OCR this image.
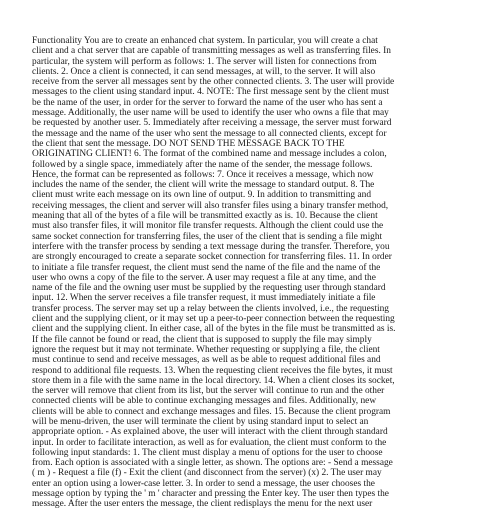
Functionality You are to create an enhanced chat system. In particular, you will create a chat
client and a chat server that are capable of transmitting messages as well as transferring files. In
particular, the system will perform as follows: 1. The server will listen for connections from
clients. 2. Once a client is connected, it can send messages, at will, to the server. It will also
receive from the server all messages sent by the other connected clients. 3. The user will provide
messages to the client using standard input. 4. NOTE: The first message sent by the client must
be the name of the user, in order for the server to forward the name of the user who has sent a
message. Additionally, the user name will be used to identify the user who owns a file that may
be requested by another user. 5. Immediately after receiving a message, the server must forward
the message and the name of the user who sent the message to all connected clients, except for
the client that sent the message. DO NOT SEND THE MESSAGE BACK TO THE
ORIGINATING CLIENT! 6. The format of the combined name and message includes a colon,
followed by a single space, immediately after the name of the sender, the message follows.
Hence, the format can be represented as follows: 7. Once it receives a message, which now
includes the name of the sender, the client will write the message to standard output. 8. The
client must write each message on its own line of output. 9. In addition to transmitting and
receiving messages, the client and server will also transfer files using a binary transfer method,
meaning that all of the bytes of a file will be transmitted exactly as is. 10. Because the client
must also transfer files, it will monitor file transfer requests. Although the client could use the
same socket connection for transferring files, the user of the client that is sending a file might
interfere with the transfer process by sending a text message during the transfer. Therefore, you
are strongly encouraged to create a separate socket connection for transferring files. 11. In order
to initiate a file transfer request, the client must send the name of the file and the name of the
user who owns a copy of the file to the server. A user may request a file at any time, and the
name of the file and the owning user must be supplied by the requesting user through standard
input. 12. When the server receives a file transfer request, it must immediately initiate a file
transfer process. The server may set up a relay between the clients involved, i.e., the requesting
client and the supplying client, or it may set up a peer-to-peer connection between the requesting
client and the supplying client. In either case, all of the bytes in the file must be transmitted as is.
If the file cannot be found or read, the client that is supposed to supply the file may simply
ignore the request but it may not terminate. Whether requesting or supplying a file, the client
must continue to send and receive messages, as well as be able to request additional files and
respond to additional file requests. 13. When the requesting client receives the file bytes, it must
store them in a file with the same name in the local directory. 14. When a client closes its socket,
the server will remove that client from its list, but the server will continue to run and the other
connected clients will be able to continue exchanging messages and files. Additionally, new
clients will be able to connect and exchange messages and files. 15. Because the client program
will be menu-driven, the user will terminate the client by using standard input to select an
appropriate option. - As explained above, the user will interact with the client through standard
input. In order to facilitate interaction, as well as for evaluation, the client must conform to the
following input standards: 1. The client must display a menu of options for the user to choose
from. Each option is associated with a single letter, as shown. The options are: - Send a message
( m ) - Request a file (f) - Exit the client (and disconnect from the server) (x) 2. The user may
enter an option using a lower-case letter. 3. In order to send a message, the user chooses the
message option by typing the ' m ' character and pressing the Enter key. The user then types the
message. After the user enters the message, the client redisplays the menu for the next user
